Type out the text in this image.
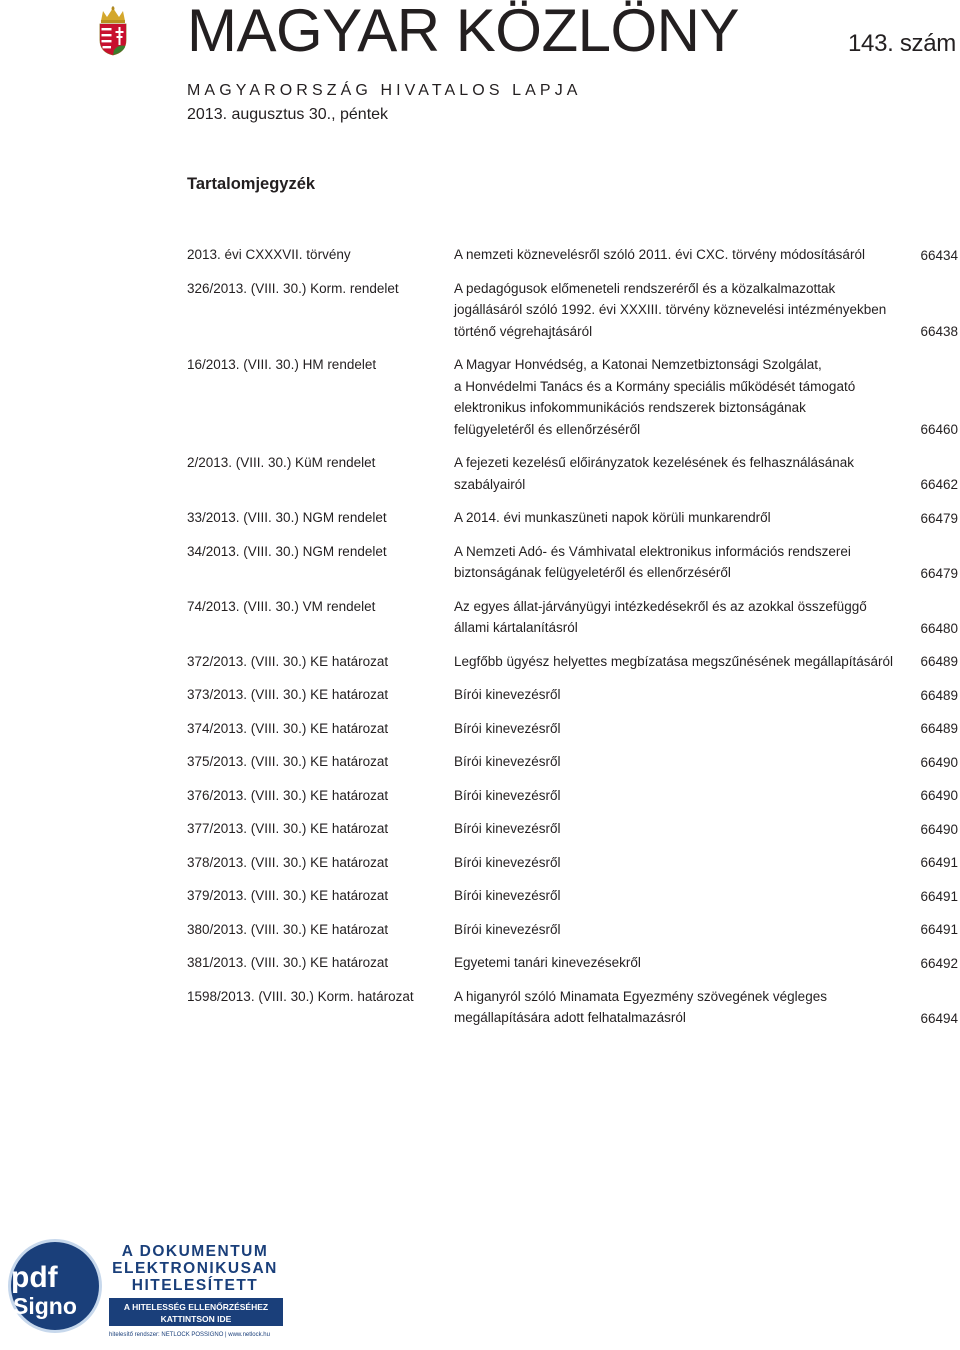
MAGYAR KÖZLÖNY	143. szám
MAGYARORSZÁG HIVATALOS LAPJA
2013. augusztus 30., péntek
Tartalomjegyzék
2013. évi CXXXVII. törvény	A nemzeti köznevelésről szóló 2011. évi CXC. törvény módosításáról	66434
326/2013. (VIII. 30.) Korm. rendelet	A pedagógusok előmeneteli rendszeréről és a közalkalmazottak
jogállásáról szóló 1992. évi XXXIII. törvény köznevelési intézményekben
történő végrehajtásáról	66438
16/2013. (VIII. 30.) HM rendelet	A Magyar Honvédség, a Katonai Nemzetbiztonsági Szolgálat,
a Honvédelmi Tanács és a Kormány speciális működését támogató
elektronikus infokommunikációs rendszerek biztonságának
felügyeletéről és ellenőrzéséről	66460
2/2013. (VIII. 30.) KüM rendelet	A fejezeti kezelésű előirányzatok kezelésének és felhasználásának
szabályairól	66462
33/2013. (VIII. 30.) NGM rendelet	A 2014. évi munkaszüneti napok körüli munkarendről	66479
34/2013. (VIII. 30.) NGM rendelet	A Nemzeti Adó- és Vámhivatal elektronikus információs rendszerei
biztonságának felügyeletéről és ellenőrzéséről	66479
74/2013. (VIII. 30.) VM rendelet	Az egyes állat-járványügyi intézkedésekről és az azokkal összefüggő
állami kártalanításról	66480
372/2013. (VIII. 30.) KE határozat	Legfőbb ügyész helyettes megbízatása megszűnésének megállapításáról 66489
373/2013. (VIII. 30.) KE határozat	Bírói kinevezésről	66489
374/2013. (VIII. 30.) KE határozat	Bírói kinevezésről	66489
375/2013. (VIII. 30.) KE határozat	Bírói kinevezésről	66490
376/2013. (VIII. 30.) KE határozat	Bírói kinevezésről	66490
377/2013. (VIII. 30.) KE határozat	Bírói kinevezésről	66490
378/2013. (VIII. 30.) KE határozat	Bírói kinevezésről	66491
379/2013. (VIII. 30.) KE határozat	Bírói kinevezésről	66491
380/2013. (VIII. 30.) KE határozat	Bírói kinevezésről	66491
381/2013. (VIII. 30.) KE határozat	Egyetemi tanári kinevezésekről	66492
1598/2013. (VIII. 30.) Korm. határozat	A higanyról szóló Minamata Egyezmény szövegének végleges
megállapítására adott felhatalmazásról	66494
pdf
Signo
A DOKUMENTUM
ELEKTRONIKUSAN
HITELESÍTETT
A HITELESSÉG ELLENŐRZÉSÉHEZ
KATTINTSON IDE
hitelesítő rendszer: NETLOCK POSSIGNO | www.netlock.hu
